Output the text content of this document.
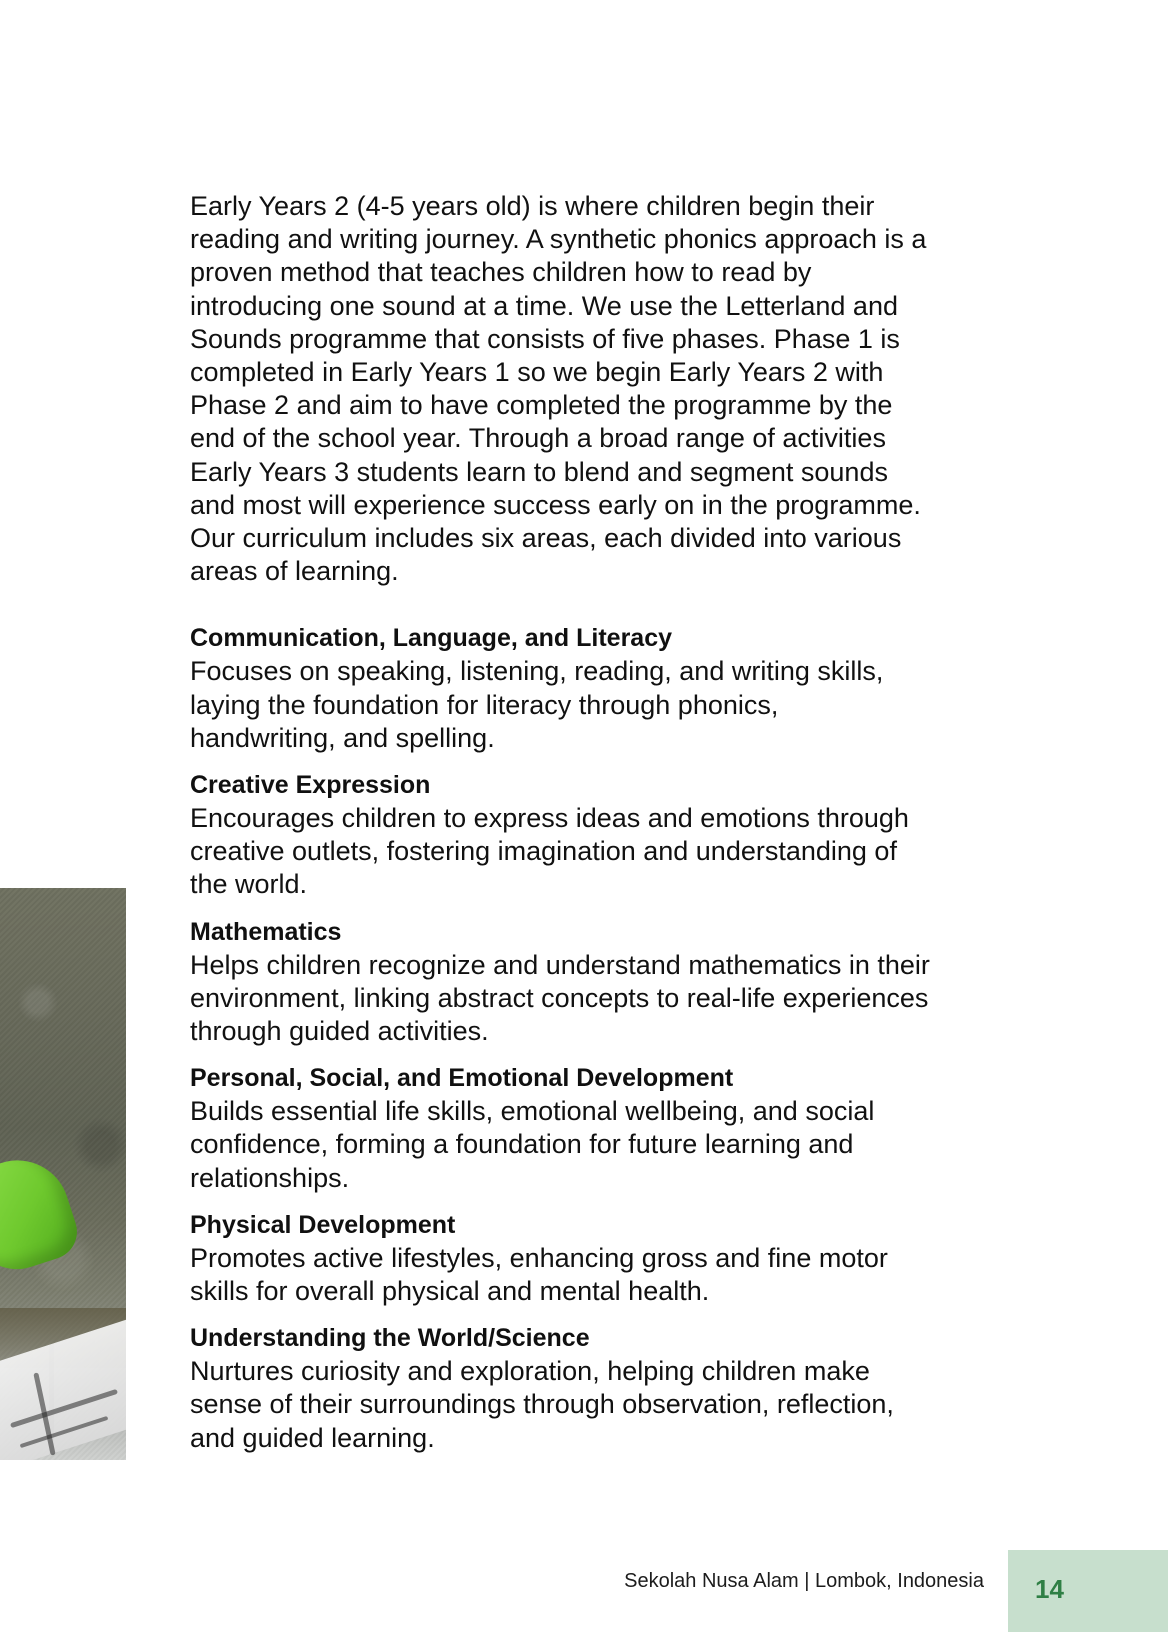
Early Years 2 (4-5 years old) is where children begin their reading and writing journey. A synthetic phonics approach is a proven method that teaches children how to read by introducing one sound at a time. We use the Letterland and Sounds programme that consists of five phases. Phase 1 is completed in Early Years 1 so we begin Early Years 2 with Phase 2 and aim to have completed the programme by the end of the school year. Through a broad range of activities Early Years 3 students learn to blend and segment sounds and most will experience success early on in the programme. Our curriculum includes six areas, each divided into various areas of learning.

Communication, Language, and Literacy

Focuses on speaking, listening, reading, and writing skills, laying the foundation for literacy through phonics, handwriting, and spelling.

Creative Expression

Encourages children to express ideas and emotions through creative outlets, fostering imagination and understanding of the world.

Mathematics

Helps children recognize and understand mathematics in their environment, linking abstract concepts to real-life experiences through guided activities.

Personal, Social, and Emotional Development

Builds essential life skills, emotional wellbeing, and social confidence, forming a foundation for future learning and relationships.

Physical Development

Promotes active lifestyles, enhancing gross and fine motor skills for overall physical and mental health.

Understanding the World/Science

Nurtures curiosity and exploration, helping children make sense of their surroundings through observation, reflection, and guided learning.

Sekolah Nusa Alam | Lombok, Indonesia 14
